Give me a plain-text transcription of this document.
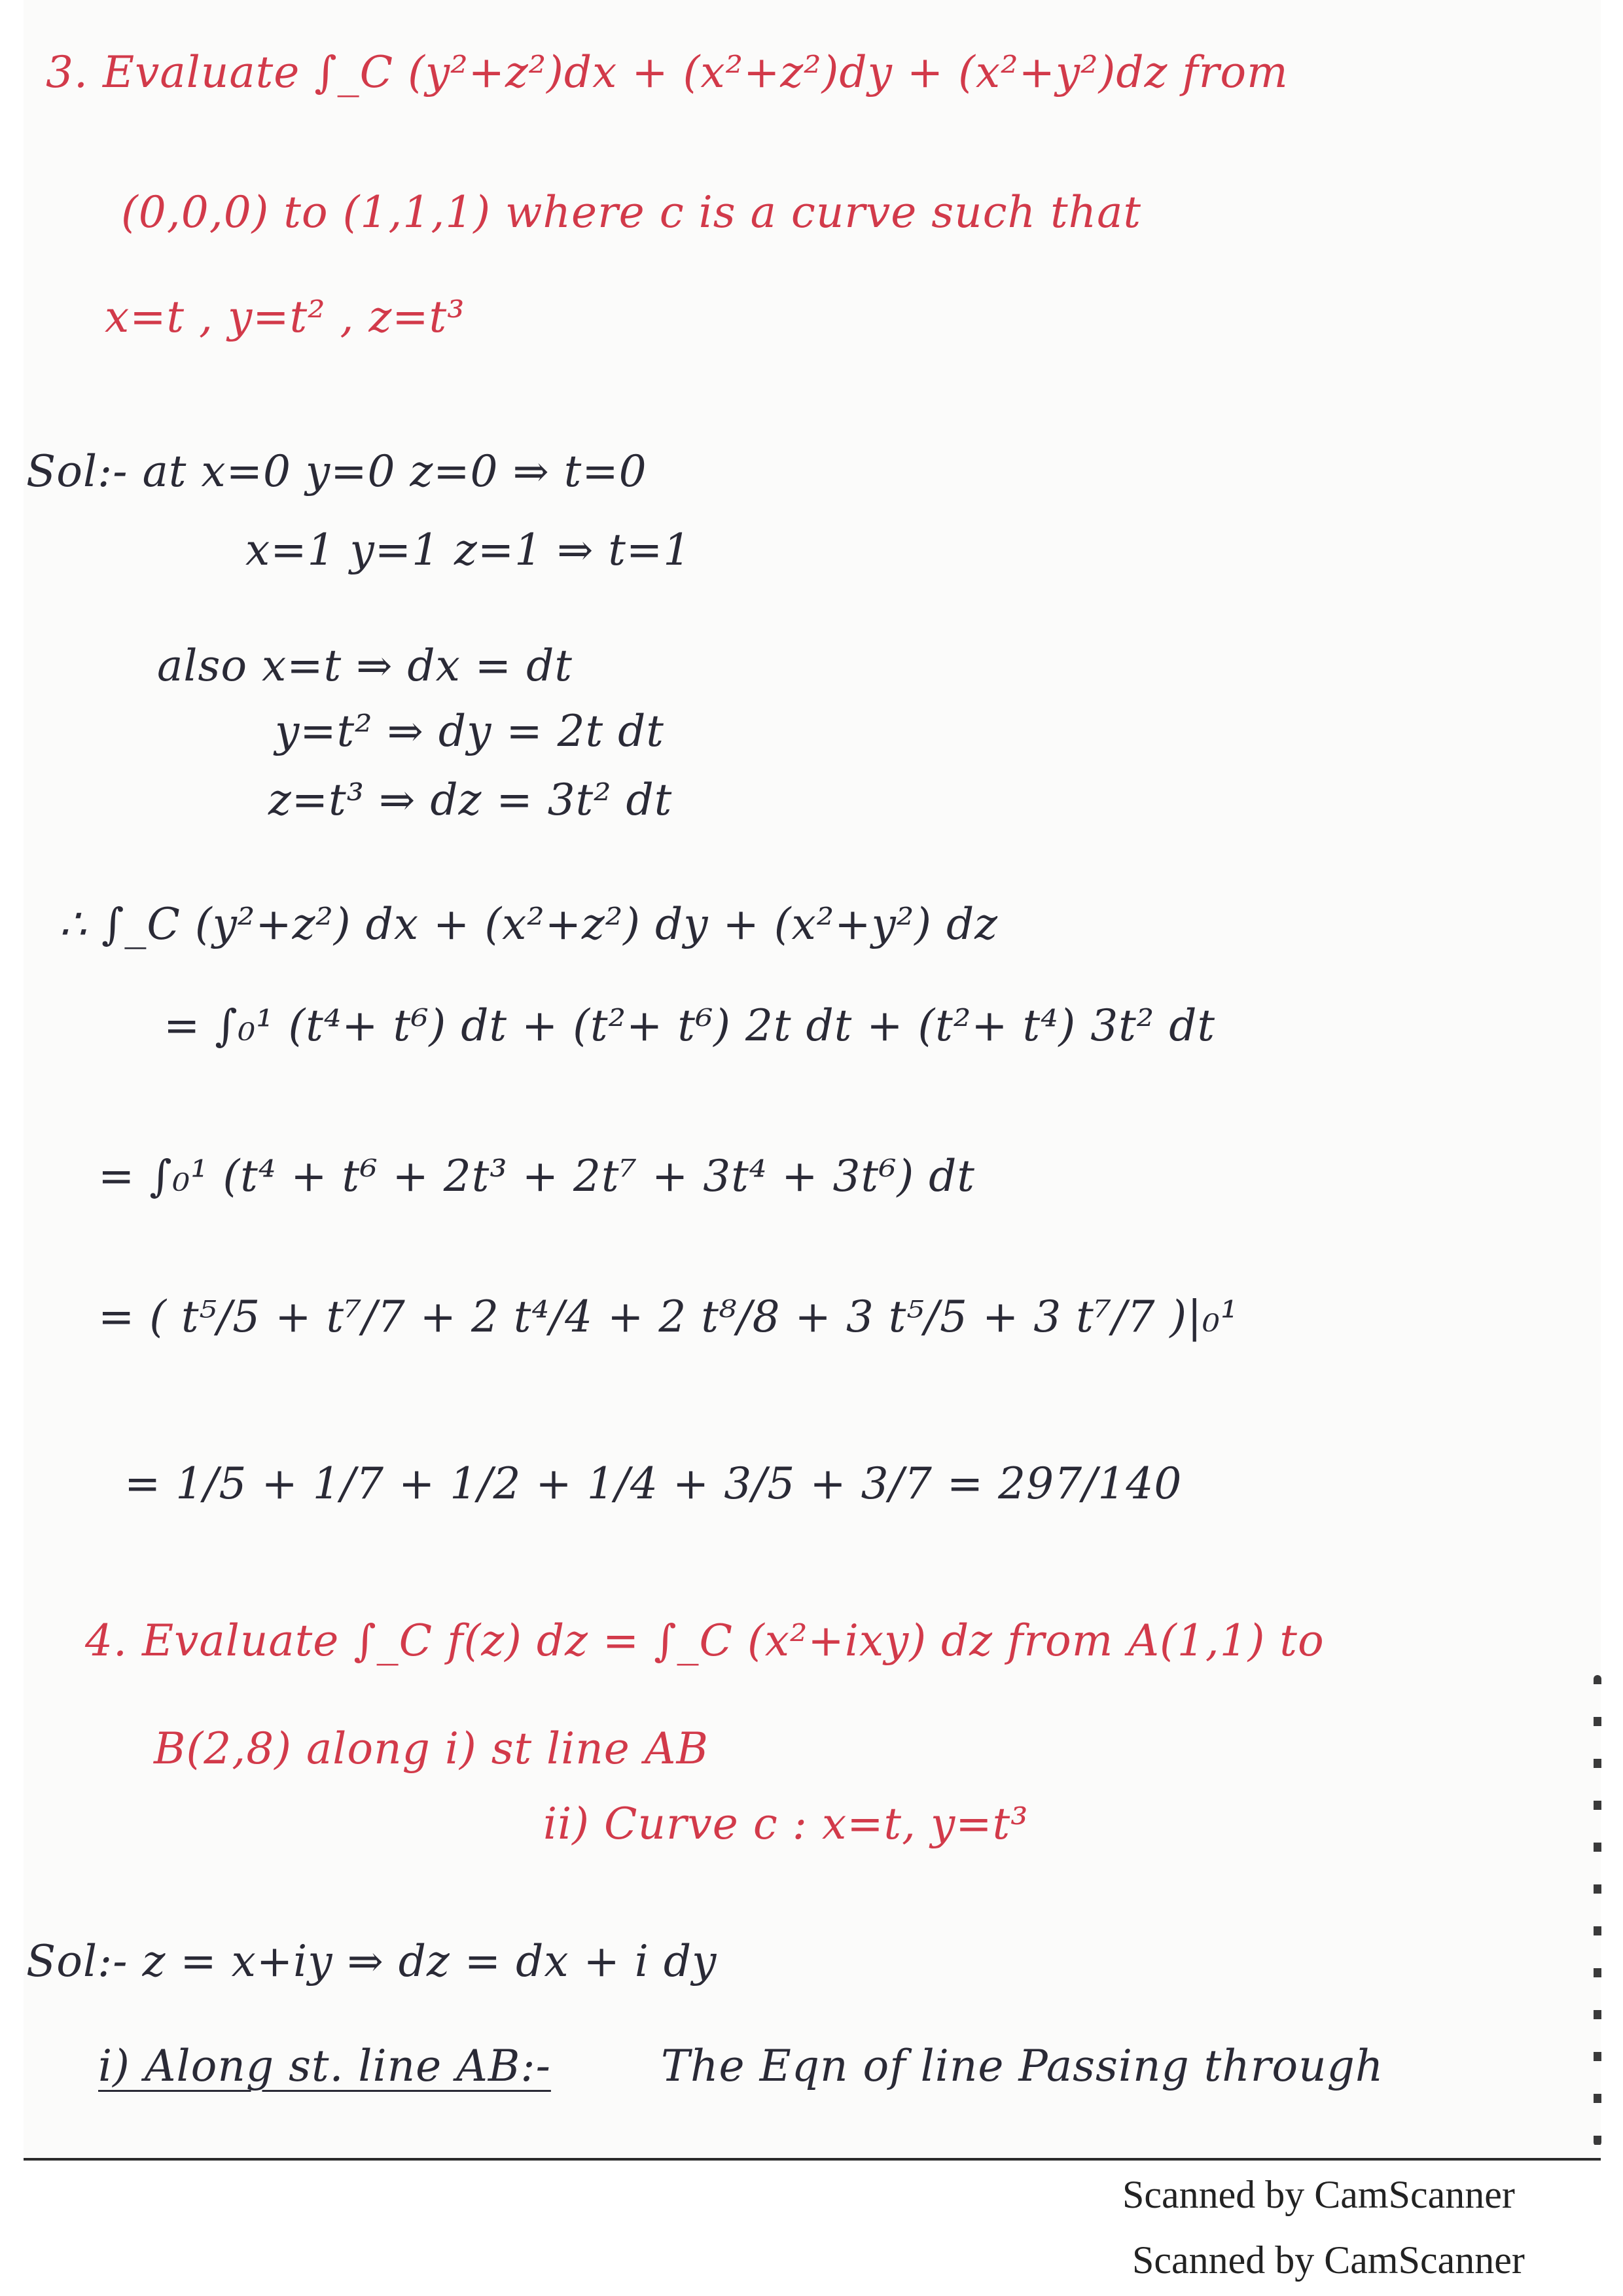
3. Evaluate ∫_C (y²+z²)dx + (x²+z²)dy + (x²+y²)dz from

(0,0,0) to (1,1,1) where c is a curve such that

x=t , y=t² , z=t³

Sol:- at x=0 y=0 z=0 ⇒ t=0

x=1 y=1 z=1 ⇒ t=1

also x=t ⇒ dx = dt

y=t² ⇒ dy = 2t dt

z=t³ ⇒ dz = 3t² dt

∴ ∫_C (y²+z²) dx + (x²+z²) dy + (x²+y²) dz

= ∫₀¹ (t⁴+ t⁶) dt + (t²+ t⁶) 2t dt + (t²+ t⁴) 3t² dt

= ∫₀¹ (t⁴ + t⁶ + 2t³ + 2t⁷ + 3t⁴ + 3t⁶) dt

= ( t⁵/5 + t⁷/7 + 2 t⁴/4 + 2 t⁸/8 + 3 t⁵/5 + 3 t⁷/7 )|₀¹

= 1/5 + 1/7 + 1/2 + 1/4 + 3/5 + 3/7 = 297/140

4. Evaluate ∫_C f(z) dz = ∫_C (x²+ixy) dz from A(1,1) to

B(2,8) along i) st line AB

ii) Curve c : x=t, y=t³

Sol:- z = x+iy ⇒ dz = dx + i dy

i) Along st. line AB:-	The Eqn of line Passing through

Scanned by CamScanner

Scanned by CamScanner
